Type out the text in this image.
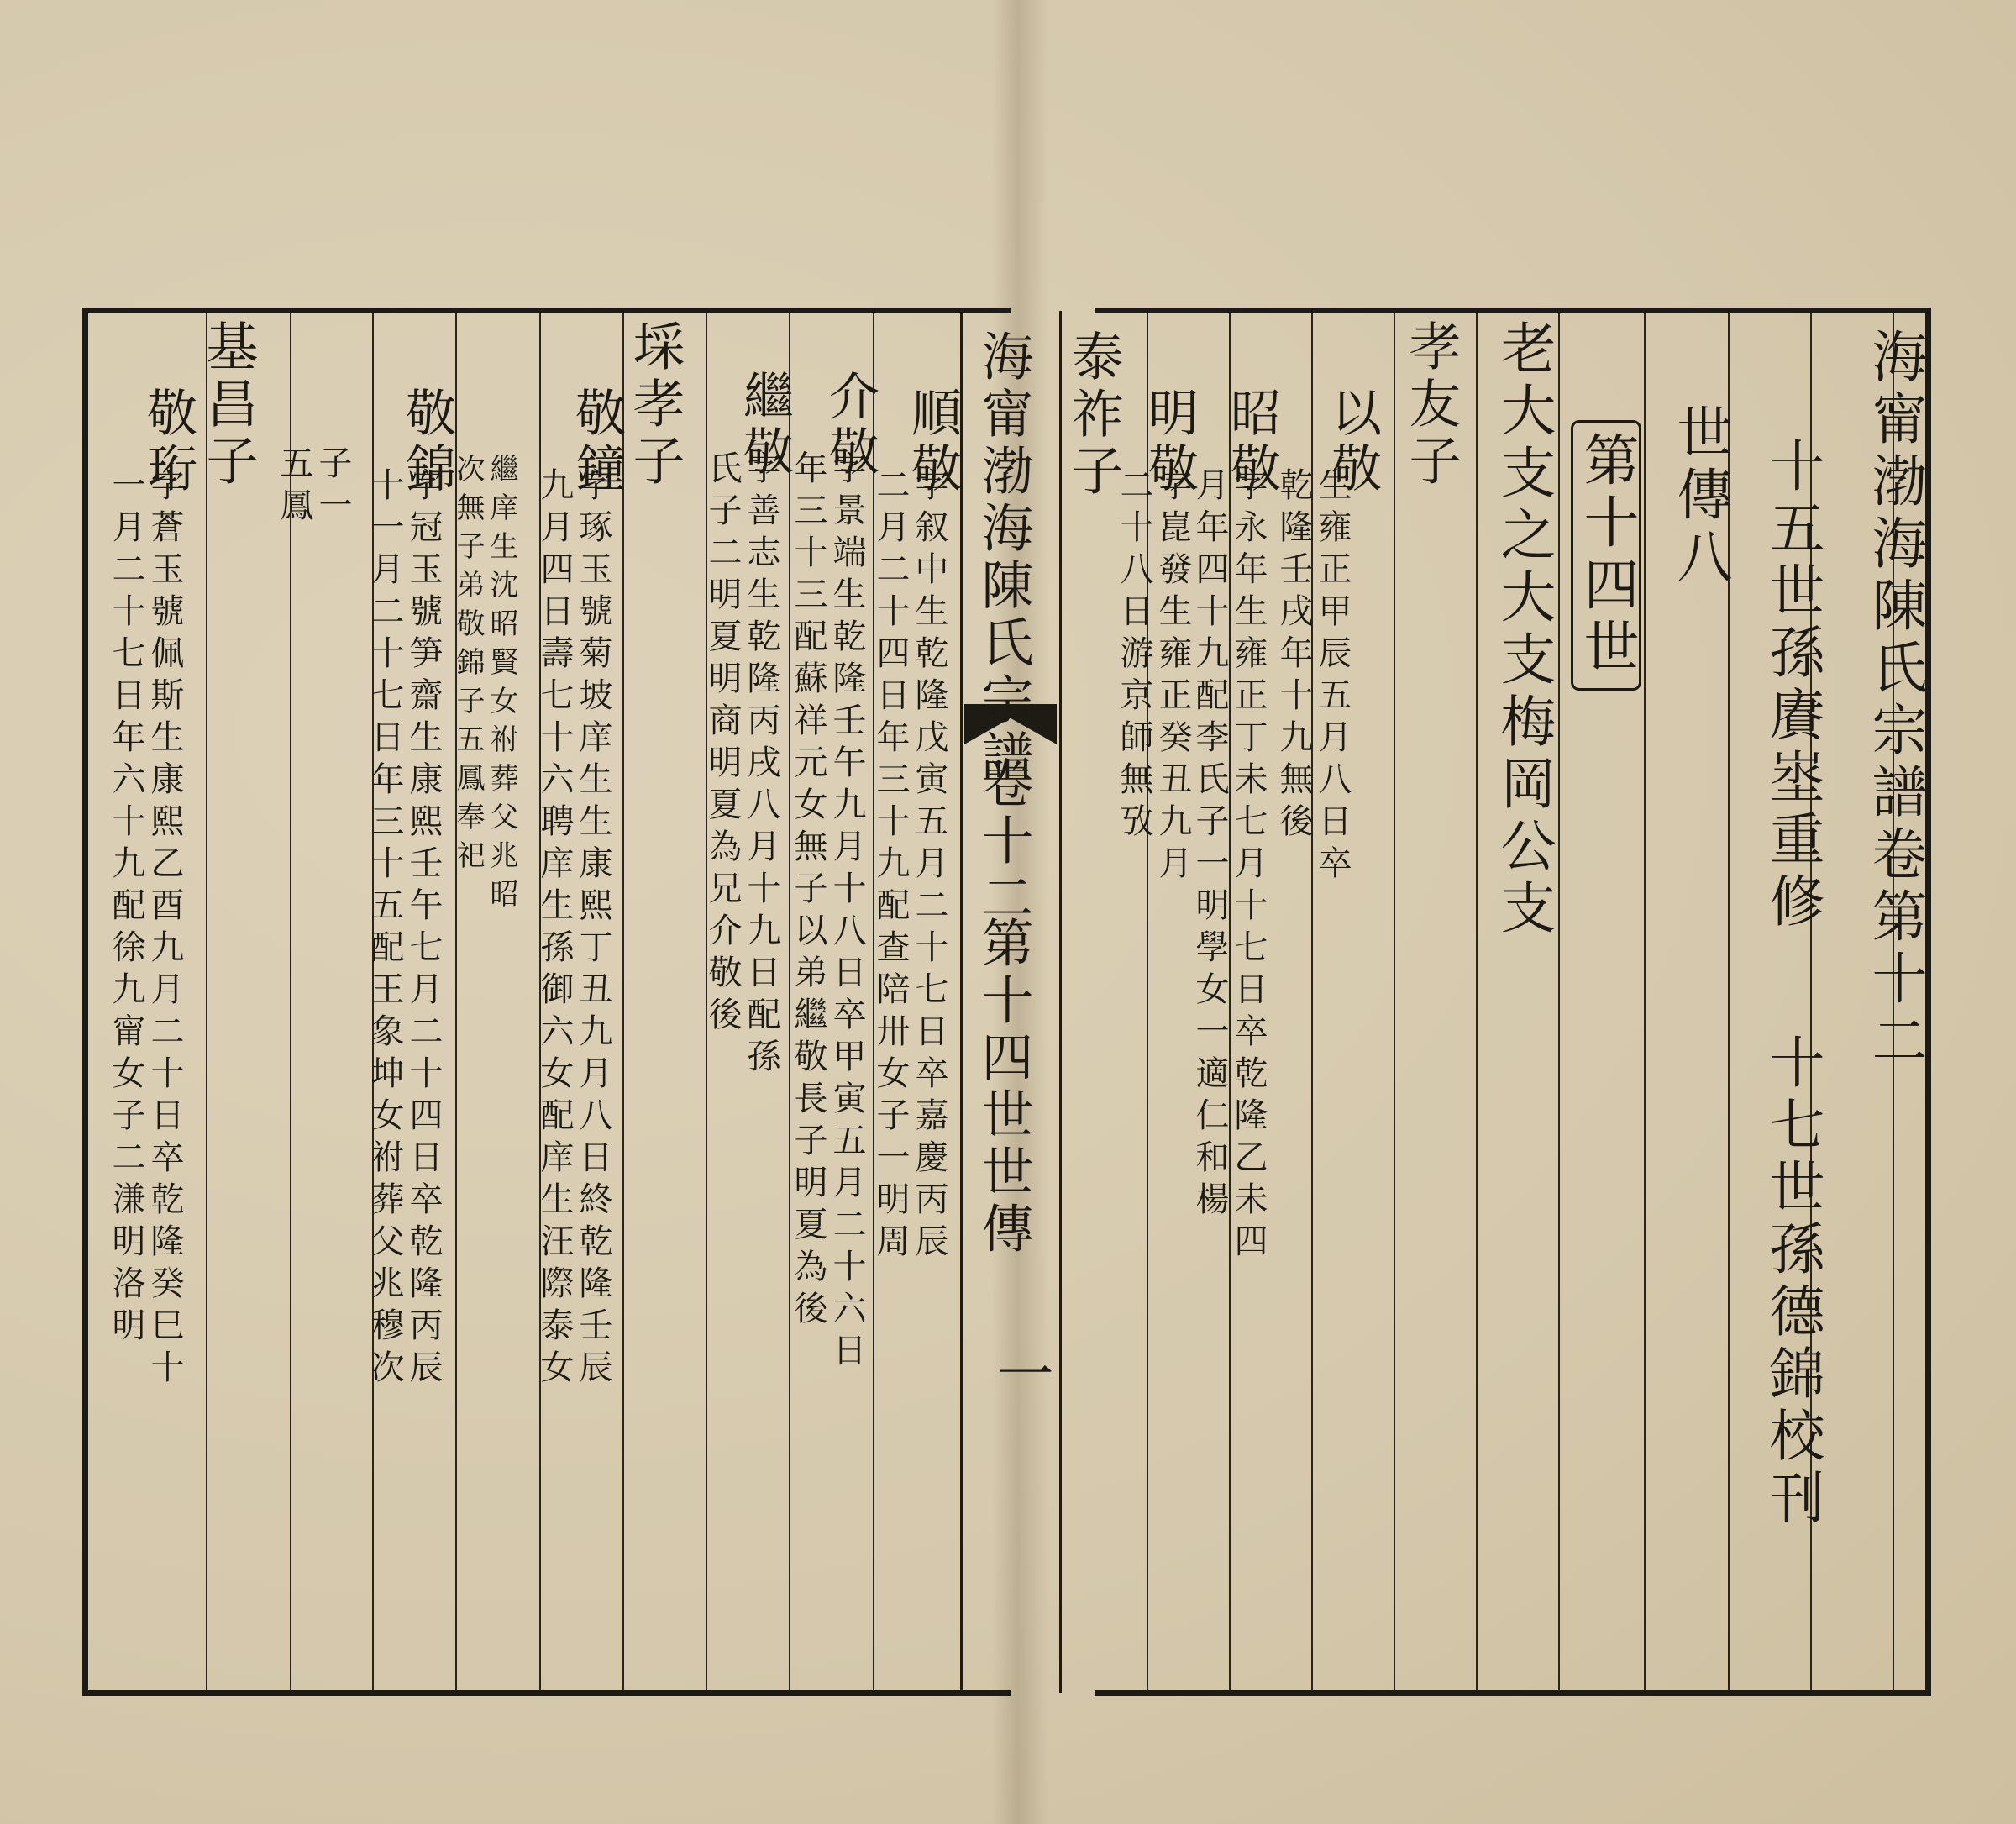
海甯渤海陳氏宗譜
卷十二
第十四世世傳
一
海甯渤海陳氏宗譜卷第十二
十五世孫賡埊重修
十七世孫德錦校刊
世傳八
第十四世
老大支之大支梅岡公支
孝友子
以敬
生雍正甲辰五月八日卒
乾隆壬戌年十九無後
昭敬
字永年生雍正丁未七月十七日卒乾隆乙未四
月年四十九配李氏子一明學女一適仁和楊
明敬
字崑發生雍正癸丑九月
二十八日游京師無攷
泰祚子
順敬
字叙中生乾隆戊寅五月二十七日卒嘉慶丙辰
二月二十四日年三十九配查陪卅女子一明周
介敬
字景端生乾隆壬午九月十八日卒甲寅五月二十六日
年三十三配蘇祥元女無子以弟繼敬長子明夏為後
繼敬
字善志生乾隆丙戌八月十九日配孫
氏子二明夏明商明夏為兄介敬後
埰孝子
敬鐘
字琢玉號菊坡庠生生康熙丁丑九月八日終乾隆壬辰
九月四日壽七十六聘庠生孫御六女配庠生汪際泰女
繼庠生沈昭賢女祔葬父兆昭
次無子弟敬錦子五鳳奉祀
敬錦
字冠玉號笋齋生康熙壬午七月二十四日卒乾隆丙辰
十一月二十七日年三十五配王象坤女祔葬父兆穆次
子一
五鳳
基昌子
敬珩
字蒼玉號佩斯生康熙乙酉九月二十日卒乾隆癸巳十
一月二十七日年六十九配徐九甯女子二溓明洛明
